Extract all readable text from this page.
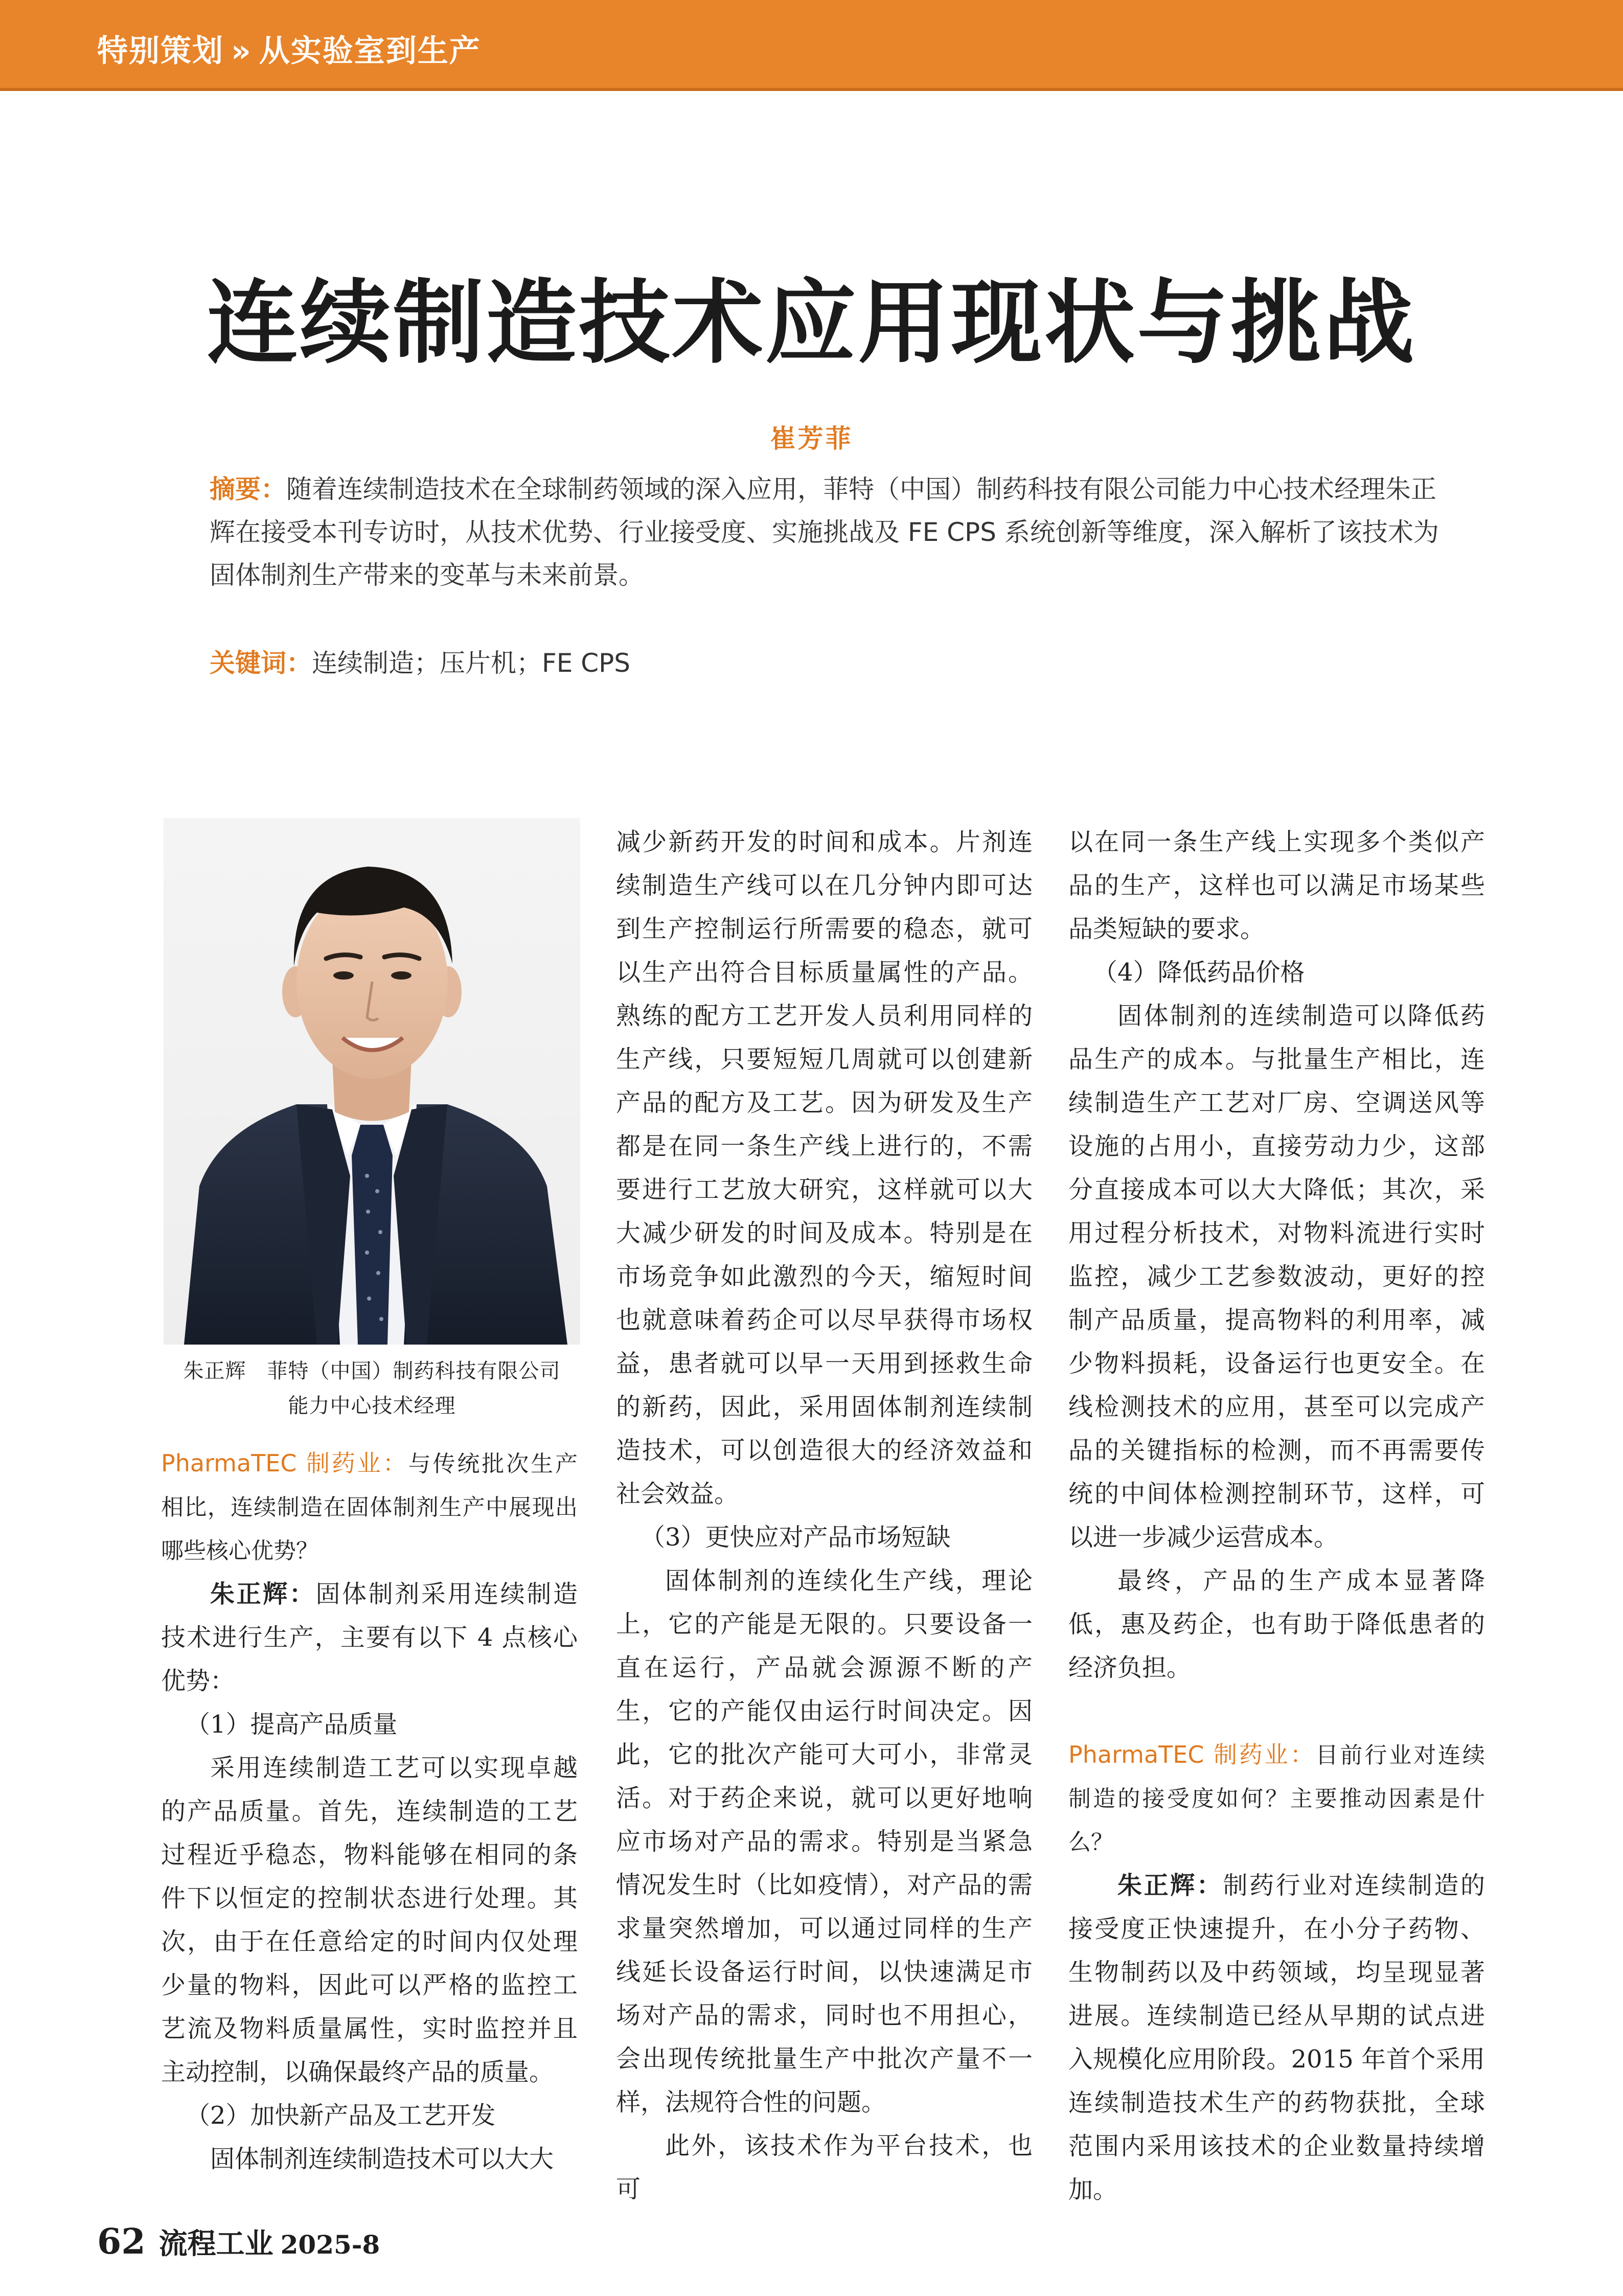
特别策划 » 从实验室到生产
连续制造技术应用现状与挑战
崔芳菲
摘要：随着连续制造技术在全球制药领域的深入应用，菲特（中国）制药科技有限公司能力中心技术经理朱正辉在接受本刊专访时，从技术优势、行业接受度、实施挑战及 FE CPS 系统创新等维度，深入解析了该技术为固体制剂生产带来的变革与未来前景。
关键词：连续制造；压片机；FE CPS
朱正辉　菲特（中国）制药科技有限公司
能力中心技术经理

PharmaTEC 制药业：与传统批次生产相比，连续制造在固体制剂生产中展现出哪些核心优势？

朱正辉：固体制剂采用连续制造技术进行生产，主要有以下 4 点核心优势：

（1）提高产品质量

采用连续制造工艺可以实现卓越的产品质量。首先，连续制造的工艺过程近乎稳态，物料能够在相同的条件下以恒定的控制状态进行处理。其次，由于在任意给定的时间内仅处理少量的物料，因此可以严格的监控工艺流及物料质量属性，实时监控并且主动控制，以确保最终产品的质量。

（2）加快新产品及工艺开发

固体制剂连续制造技术可以大大

减少新药开发的时间和成本。片剂连续制造生产线可以在几分钟内即可达到生产控制运行所需要的稳态，就可以生产出符合目标质量属性的产品。熟练的配方工艺开发人员利用同样的生产线，只要短短几周就可以创建新产品的配方及工艺。因为研发及生产都是在同一条生产线上进行的，不需要进行工艺放大研究，这样就可以大大减少研发的时间及成本。特别是在市场竞争如此激烈的今天，缩短时间也就意味着药企可以尽早获得市场权益，患者就可以早一天用到拯救生命的新药，因此，采用固体制剂连续制造技术，可以创造很大的经济效益和社会效益。

（3）更快应对产品市场短缺

固体制剂的连续化生产线，理论上，它的产能是无限的。只要设备一直在运行，产品就会源源不断的产生，它的产能仅由运行时间决定。因此，它的批次产能可大可小，非常灵活。对于药企来说，就可以更好地响应市场对产品的需求。特别是当紧急情况发生时（比如疫情），对产品的需求量突然增加，可以通过同样的生产线延长设备运行时间，以快速满足市场对产品的需求，同时也不用担心，会出现传统批量生产中批次产量不一样，法规符合性的问题。

此外，该技术作为平台技术，也可

以在同一条生产线上实现多个类似产品的生产，这样也可以满足市场某些品类短缺的要求。

（4）降低药品价格

固体制剂的连续制造可以降低药品生产的成本。与批量生产相比，连续制造生产工艺对厂房、空调送风等设施的占用小，直接劳动力少，这部分直接成本可以大大降低；其次，采用过程分析技术，对物料流进行实时监控，减少工艺参数波动，更好的控制产品质量，提高物料的利用率，减少物料损耗，设备运行也更安全。在线检测技术的应用，甚至可以完成产品的关键指标的检测，而不再需要传统的中间体检测控制环节，这样，可以进一步减少运营成本。

最终，产品的生产成本显著降低，惠及药企，也有助于降低患者的经济负担。

PharmaTEC 制药业：目前行业对连续制造的接受度如何？主要推动因素是什么？

朱正辉：制药行业对连续制造的接受度正快速提升，在小分子药物、生物制药以及中药领域，均呈现显著进展。连续制造已经从早期的试点进入规模化应用阶段。2015 年首个采用连续制造技术生产的药物获批，全球范围内采用该技术的企业数量持续增加。

62 流程工业 2025-8
